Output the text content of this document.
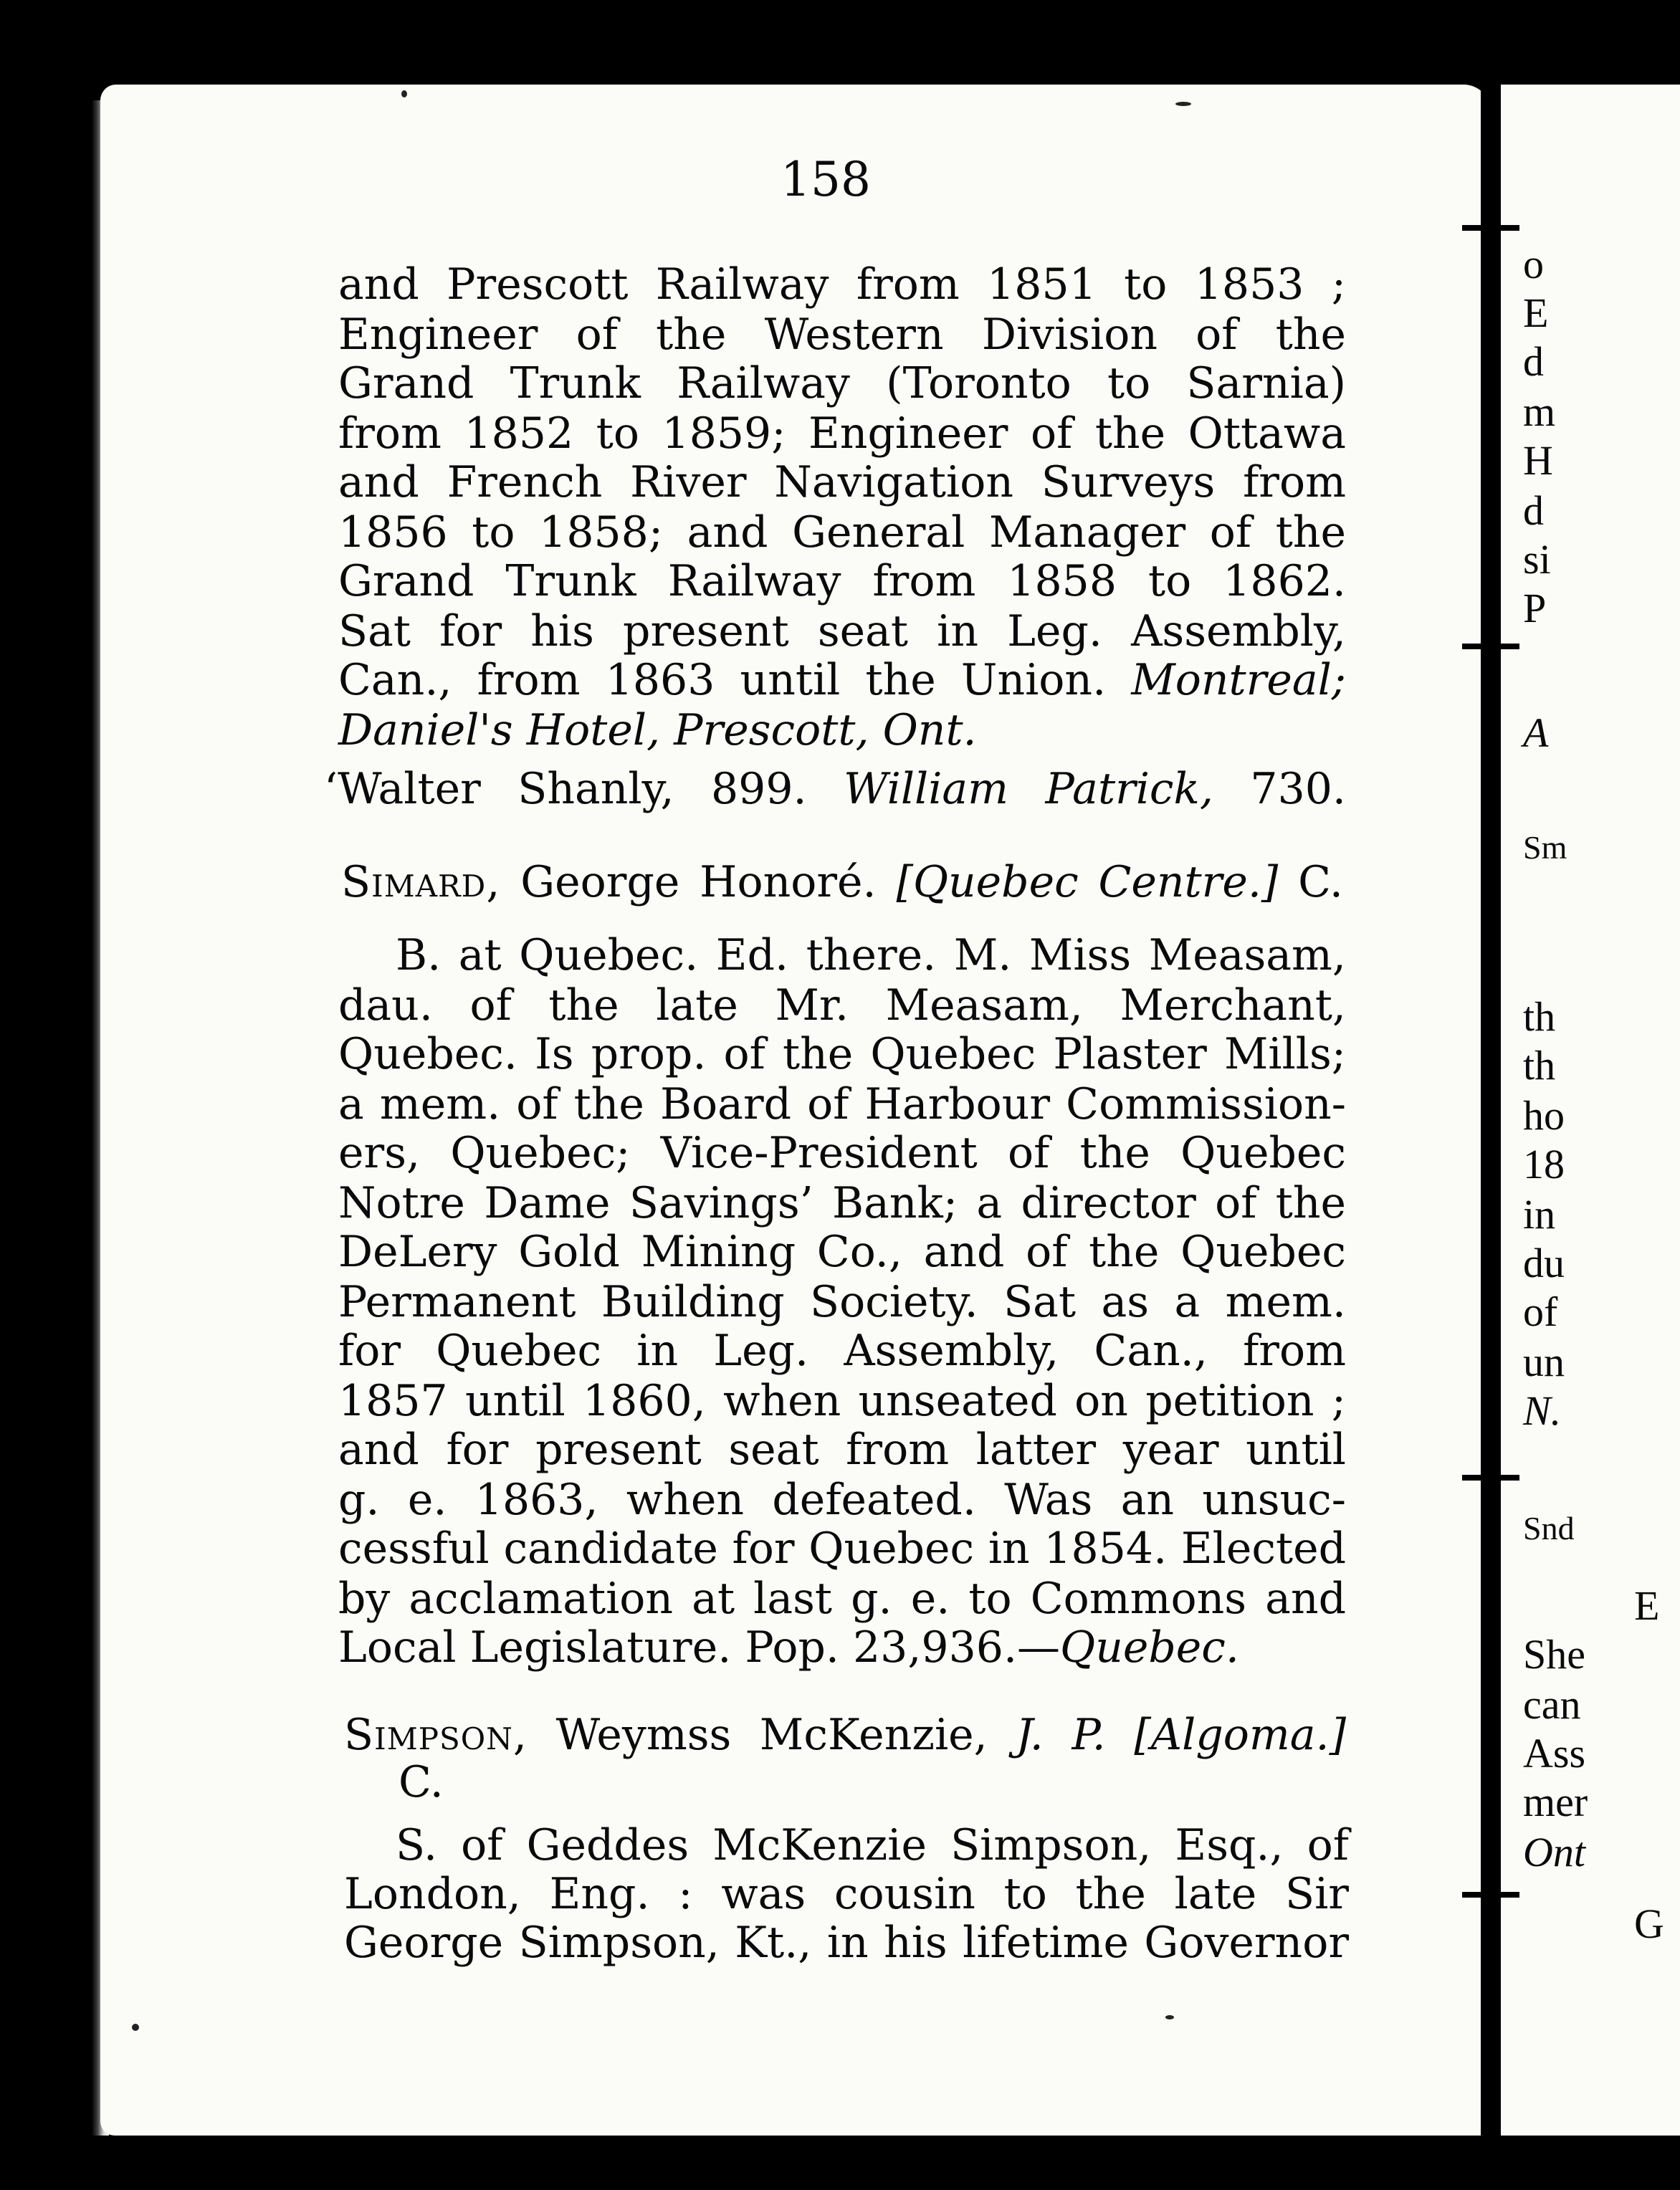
158
and Prescott Railway from 1851 to 1853 ;
Engineer of the Western Division of the
Grand Trunk Railway (Toronto to Sarnia)
from 1852 to 1859; Engineer of the Ottawa
and French River Navigation Surveys from
1856 to 1858; and General Manager of the
Grand Trunk Railway from 1858 to 1862.
Sat for his present seat in Leg. Assembly,
Can., from 1863 until the Union. Montreal;
Daniel's Hotel, Prescott, Ont.
‘Walter Shanly, 899. William Patrick, 730.
Simard, George Honoré. [Quebec Centre.] C.
B. at Quebec. Ed. there. M. Miss Measam,
dau. of the late Mr. Measam, Merchant,
Quebec. Is prop. of the Quebec Plaster Mills;
a mem. of the Board of Harbour Commission-
ers, Quebec; Vice-President of the Quebec
Notre Dame Savings’ Bank; a director of the
DeLery Gold Mining Co., and of the Quebec
Permanent Building Society. Sat as a mem.
for Quebec in Leg. Assembly, Can., from
1857 until 1860, when unseated on petition ;
and for present seat from latter year until
g. e. 1863, when defeated. Was an unsuc-
cessful candidate for Quebec in 1854. Elected
by acclamation at last g. e. to Commons and
Local Legislature. Pop. 23,936.—Quebec.
Simpson, Weymss McKenzie, J. P. [Algoma.]
C.
S. of Geddes McKenzie Simpson, Esq., of
London, Eng. : was cousin to the late Sir
George Simpson, Kt., in his lifetime Governor
o
E
d
m
H
d
si
P
A
Sm
th
th
ho
18
in
du
of
un
N.
Snd
E
She
can
Ass
mer
Ont
G
